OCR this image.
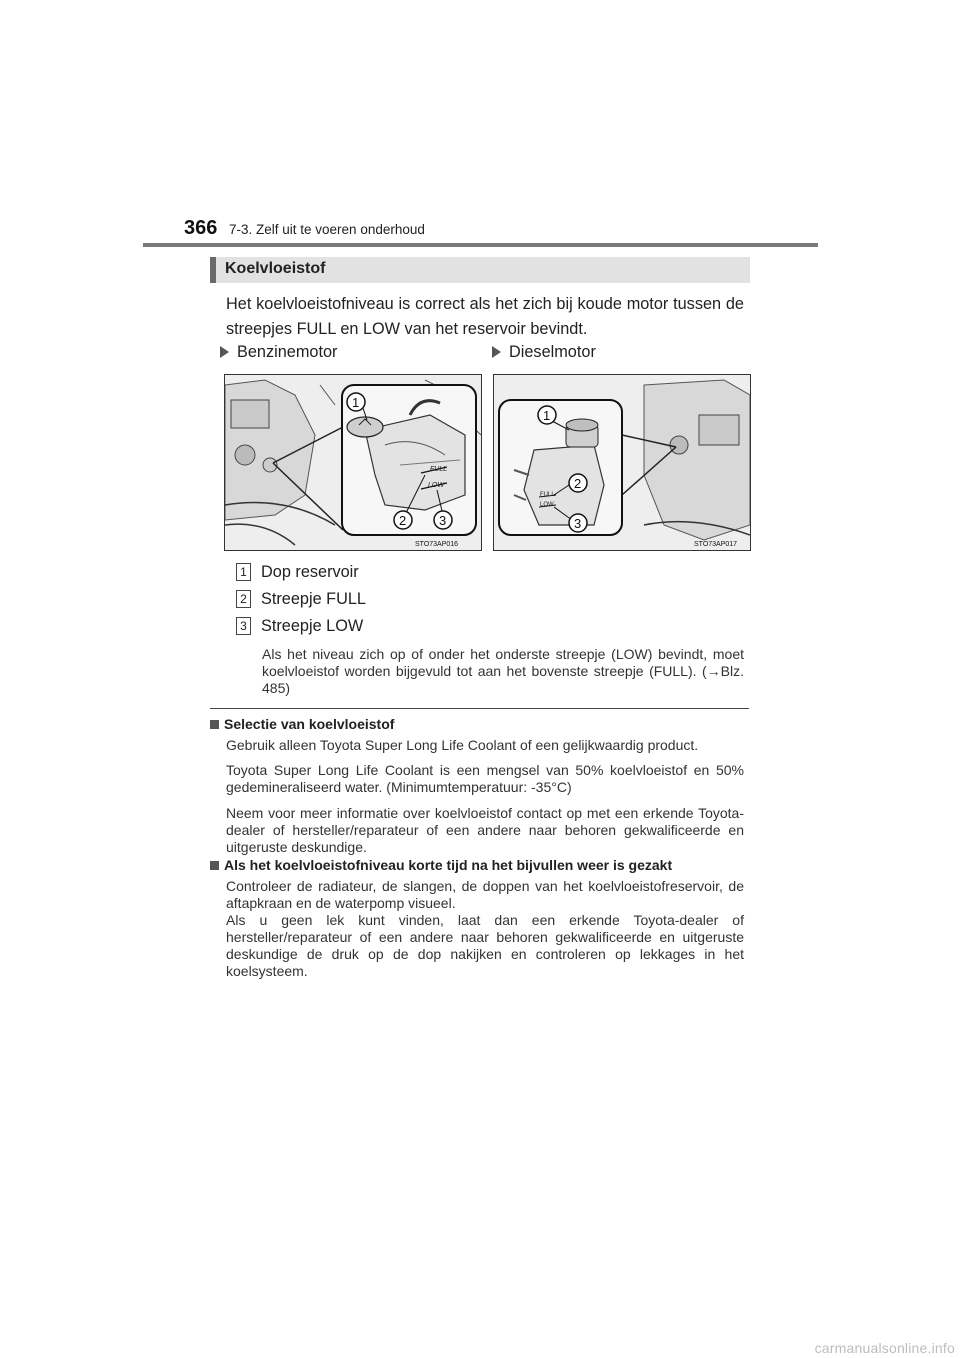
366 7-3. Zelf uit te voeren onderhoud
Koelvloeistof
Het koelvloeistofniveau is correct als het zich bij koude motor tussen de streepjes FULL en LOW van het reservoir bevindt.
Benzinemotor	Dieselmotor
FULL
LOW
1
2	3
STO73AP016
FULL
LOW
1
2
3
STO73AP017
1 Dop reservoir
2 Streepje FULL
3 Streepje LOW
Als het niveau zich op of onder het onderste streepje (LOW) bevindt, moet koelvloeistof worden bijgevuld tot aan het bovenste streepje (FULL). (→Blz. 485)
Selectie van koelvloeistof
Gebruik alleen Toyota Super Long Life Coolant of een gelijkwaardig product.
Toyota Super Long Life Coolant is een mengsel van 50% koelvloeistof en 50% gedemineraliseerd water. (Minimumtemperatuur: -35°C)
Neem voor meer informatie over koelvloeistof contact op met een erkende Toyota-dealer of hersteller/reparateur of een andere naar behoren gekwalificeerde en uitgeruste deskundige.
Als het koelvloeistofniveau korte tijd na het bijvullen weer is gezakt
Controleer de radiateur, de slangen, de doppen van het koelvloeistofreservoir, de aftapkraan en de waterpomp visueel.
Als u geen lek kunt vinden, laat dan een erkende Toyota-dealer of hersteller/reparateur of een andere naar behoren gekwalificeerde en uitgeruste deskundige de druk op de dop nakijken en controleren op lekkages in het koelsysteem.
carmanualsonline.info
